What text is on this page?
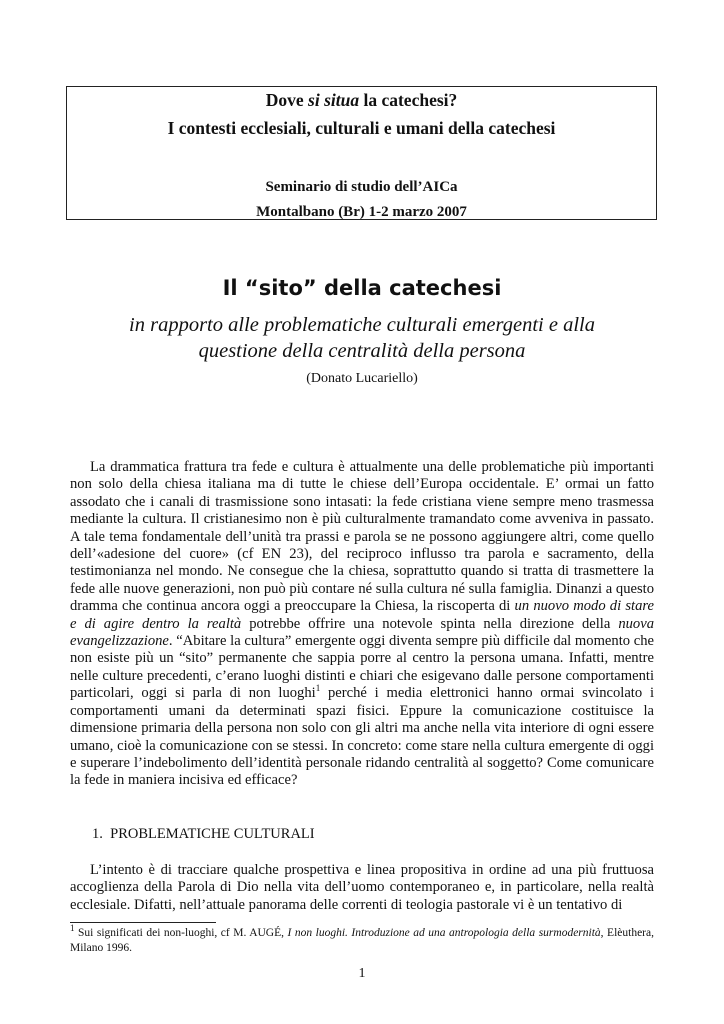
Dove si situa la catechesi?
I contesti ecclesiali, culturali e umani della catechesi
Seminario di studio dell’AICa
Montalbano (Br) 1-2 marzo 2007
Il “sito” della catechesi
in rapporto alle problematiche culturali emergenti e alla
questione della centralità della persona
(Donato Lucariello)
La drammatica frattura tra fede e cultura è attualmente una delle problematiche più importanti non solo della chiesa italiana ma di tutte le chiese dell’Europa occidentale. E’ ormai un fatto assodato che i canali di trasmissione sono intasati: la fede cristiana viene sempre meno trasmessa mediante la cultura. Il cristianesimo non è più culturalmente tramandato come avveniva in passato. A tale tema fondamentale dell’unità tra prassi e parola se ne possono aggiungere altri, come quello dell’«adesione del cuore» (cf EN 23), del reciproco influsso tra parola e sacramento, della testimonianza nel mondo. Ne consegue che la chiesa, soprattutto quando si tratta di trasmettere la fede alle nuove generazioni, non può più contare né sulla cultura né sulla famiglia. Dinanzi a questo dramma che continua ancora oggi a preoccupare la Chiesa, la riscoperta di un nuovo modo di stare e di agire dentro la realtà potrebbe offrire una notevole spinta nella direzione della nuova evangelizzazione. “Abitare la cultura” emergente oggi diventa sempre più difficile dal momento che non esiste più un “sito” permanente che sappia porre al centro la persona umana. Infatti, mentre nelle culture precedenti, c’erano luoghi distinti e chiari che esigevano dalle persone comportamenti particolari, oggi si parla di non luoghi$^1$ perché i media elettronici hanno ormai svincolato i comportamenti umani da determinati spazi fisici. Eppure la comunicazione costituisce la dimensione primaria della persona non solo con gli altri ma anche nella vita interiore di ogni essere umano, cioè la comunicazione con se stessi. In concreto: come stare nella cultura emergente di oggi e superare l’indebolimento dell’identità personale ridando centralità al soggetto? Come comunicare la fede in maniera incisiva ed efficace?
1. PROBLEMATICHE CULTURALI
L’intento è di tracciare qualche prospettiva e linea propositiva in ordine ad una più fruttuosa accoglienza della Parola di Dio nella vita dell’uomo contemporaneo e, in particolare, nella realtà ecclesiale. Difatti, nell’attuale panorama delle correnti di teologia pastorale vi è un tentativo di
$^1$ Sui significati dei non-luoghi, cf M. AUGÉ, I non luoghi. Introduzione ad una antropologia della surmodernità, Elèuthera, Milano 1996.
1
